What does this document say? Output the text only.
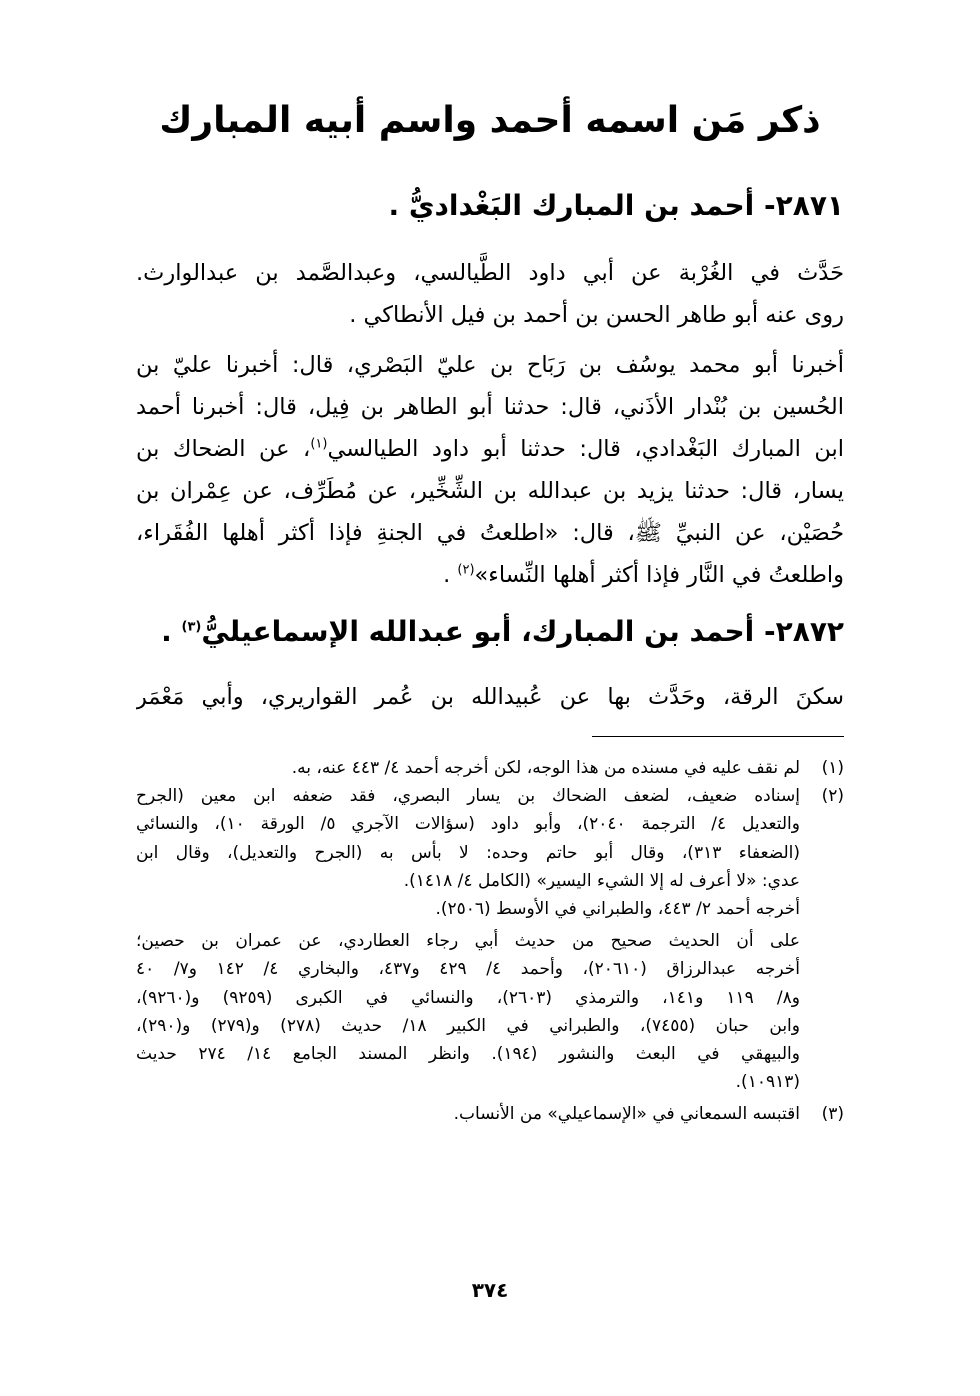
ذكر مَن اسمه أحمد واسم أبيه المبارك
٢٨٧١- أحمد بن المبارك البَغْداديُّ .
حَدَّث في الغُرْبة عن أبي داود الطَّيالسي، وعبدالصَّمد بن عبدالوارث.
روى عنه أبو طاهر الحسن بن أحمد بن فيل الأنطاكي .
أخبرنا أبو محمد يوسُف بن رَبَاح بن عليّ البَصْري، قال: أخبرنا عليّ بن
الحُسين بن بُنْدار الأذَني، قال: حدثنا أبو الطاهر بن فِيل، قال: أخبرنا أحمد
ابن المبارك البَغْدادي، قال: حدثنا أبو داود الطيالسي$^{(١)}$، عن الضحاك بن
يسار، قال: حدثنا يزيد بن عبدالله بن الشِّخِّير، عن مُطَرِّف، عن عِمْران بن
حُصَيْن، عن النبيِّ ﷺ، قال: «اطلعتُ في الجنةِ فإذا أكثر أهلها الفُقَراء،
واطلعتُ في النَّار فإذا أكثر أهلها النِّساء»$^{(٢)}$ .
٢٨٧٢- أحمد بن المبارك، أبو عبدالله الإسماعيليُّ$^{(٣)}$ .
سكنَ الرقة، وحَدَّث بها عن عُبيدالله بن عُمر القواريري، وأبي مَعْمَر
(١)
لم نقف عليه في مسنده من هذا الوجه، لكن أخرجه أحمد ٤/ ٤٤٣ عنه، به.
(٢)
إسناده ضعيف، لضعف الضحاك بن يسار البصري، فقد ضعفه ابن معين (الجرح
والتعديل ٤/ الترجمة ٢٠٤٠)، وأبو داود (سؤالات الآجري ٥/ الورقة ١٠)، والنسائي
(الضعفاء ٣١٣)، وقال أبو حاتم وحده: لا بأس به (الجرح والتعديل)، وقال ابن
عدي: «لا أعرف له إلا الشيء اليسير» (الكامل ٤/ ١٤١٨).
أخرجه أحمد ٢/ ٤٤٣، والطبراني في الأوسط (٢٥٠٦).
على أن الحديث صحيح من حديث أبي رجاء العطاردي، عن عمران بن حصين؛
أخرجه عبدالرزاق (٢٠٦١٠)، وأحمد ٤/ ٤٢٩ و٤٣٧، والبخاري ٤/ ١٤٢ و٧/ ٤٠
و٨/ ١١٩ و١٤١، والترمذي (٢٦٠٣)، والنسائي في الكبرى (٩٢٥٩) و(٩٢٦٠)،
وابن حبان (٧٤٥٥)، والطبراني في الكبير ١٨/ حديث (٢٧٨) و(٢٧٩) و(٢٩٠)،
والبيهقي في البعث والنشور (١٩٤). وانظر المسند الجامع ١٤/ ٢٧٤ حديث
(١٠٩١٣).
(٣)
اقتبسه السمعاني في «الإسماعيلي» من الأنساب.
٣٧٤
